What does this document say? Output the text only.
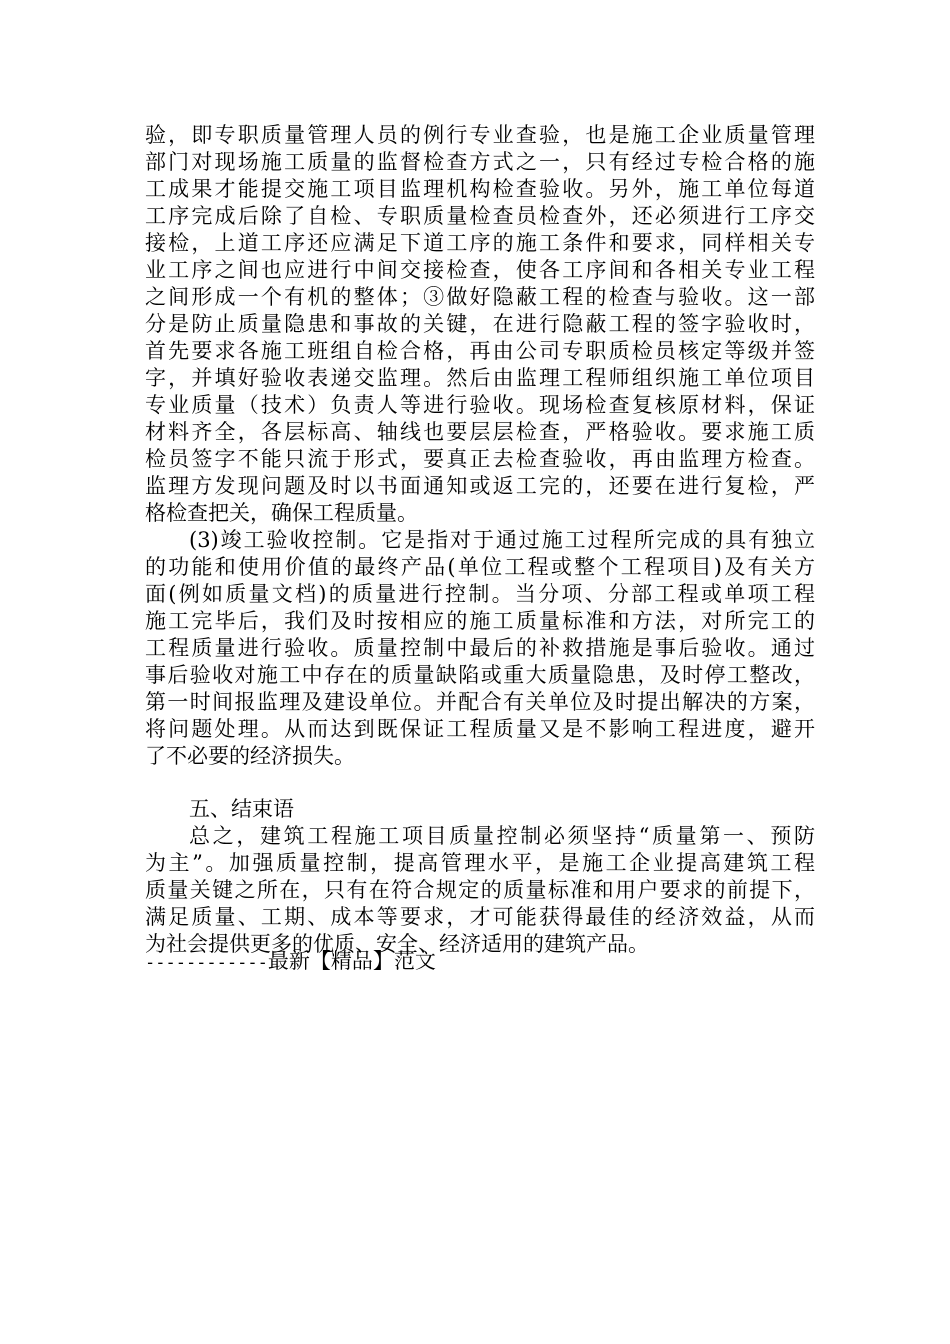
验，即专职质量管理人员的例行专业查验，也是施工企业质量管理
部门对现场施工质量的监督检查方式之一，只有经过专检合格的施
工成果才能提交施工项目监理机构检查验收。另外，施工单位每道
工序完成后除了自检、专职质量检查员检查外，还必须进行工序交
接检，上道工序还应满足下道工序的施工条件和要求，同样相关专
业工序之间也应进行中间交接检查，使各工序间和各相关专业工程
之间形成一个有机的整体；③做好隐蔽工程的检查与验收。这一部
分是防止质量隐患和事故的关键，在进行隐蔽工程的签字验收时，
首先要求各施工班组自检合格，再由公司专职质检员核定等级并签
字，并填好验收表递交监理。然后由监理工程师组织施工单位项目
专业质量（技术）负责人等进行验收。现场检查复核原材料，保证
材料齐全，各层标高、轴线也要层层检查，严格验收。要求施工质
检员签字不能只流于形式，要真正去检查验收，再由监理方检查。
监理方发现问题及时以书面通知或返工完的，还要在进行复检，严
格检查把关，确保工程质量。
(3)竣工验收控制。它是指对于通过施工过程所完成的具有独立
的功能和使用价值的最终产品(单位工程或整个工程项目)及有关方
面(例如质量文档)的质量进行控制。当分项、分部工程或单项工程
施工完毕后，我们及时按相应的施工质量标准和方法，对所完工的
工程质量进行验收。质量控制中最后的补救措施是事后验收。通过
事后验收对施工中存在的质量缺陷或重大质量隐患，及时停工整改，
第一时间报监理及建设单位。并配合有关单位及时提出解决的方案，
将问题处理。从而达到既保证工程质量又是不影响工程进度，避开
了不必要的经济损失。
五、结束语
总之，建筑工程施工项目质量控制必须坚持“质量第一、预防
为主”。加强质量控制，提高管理水平，是施工企业提高建筑工程
质量关键之所在，只有在符合规定的质量标准和用户要求的前提下，
满足质量、工期、成本等要求，才可能获得最佳的经济效益，从而
为社会提供更多的优质、安全、经济适用的建筑产品。
------------最新【精品】范文
